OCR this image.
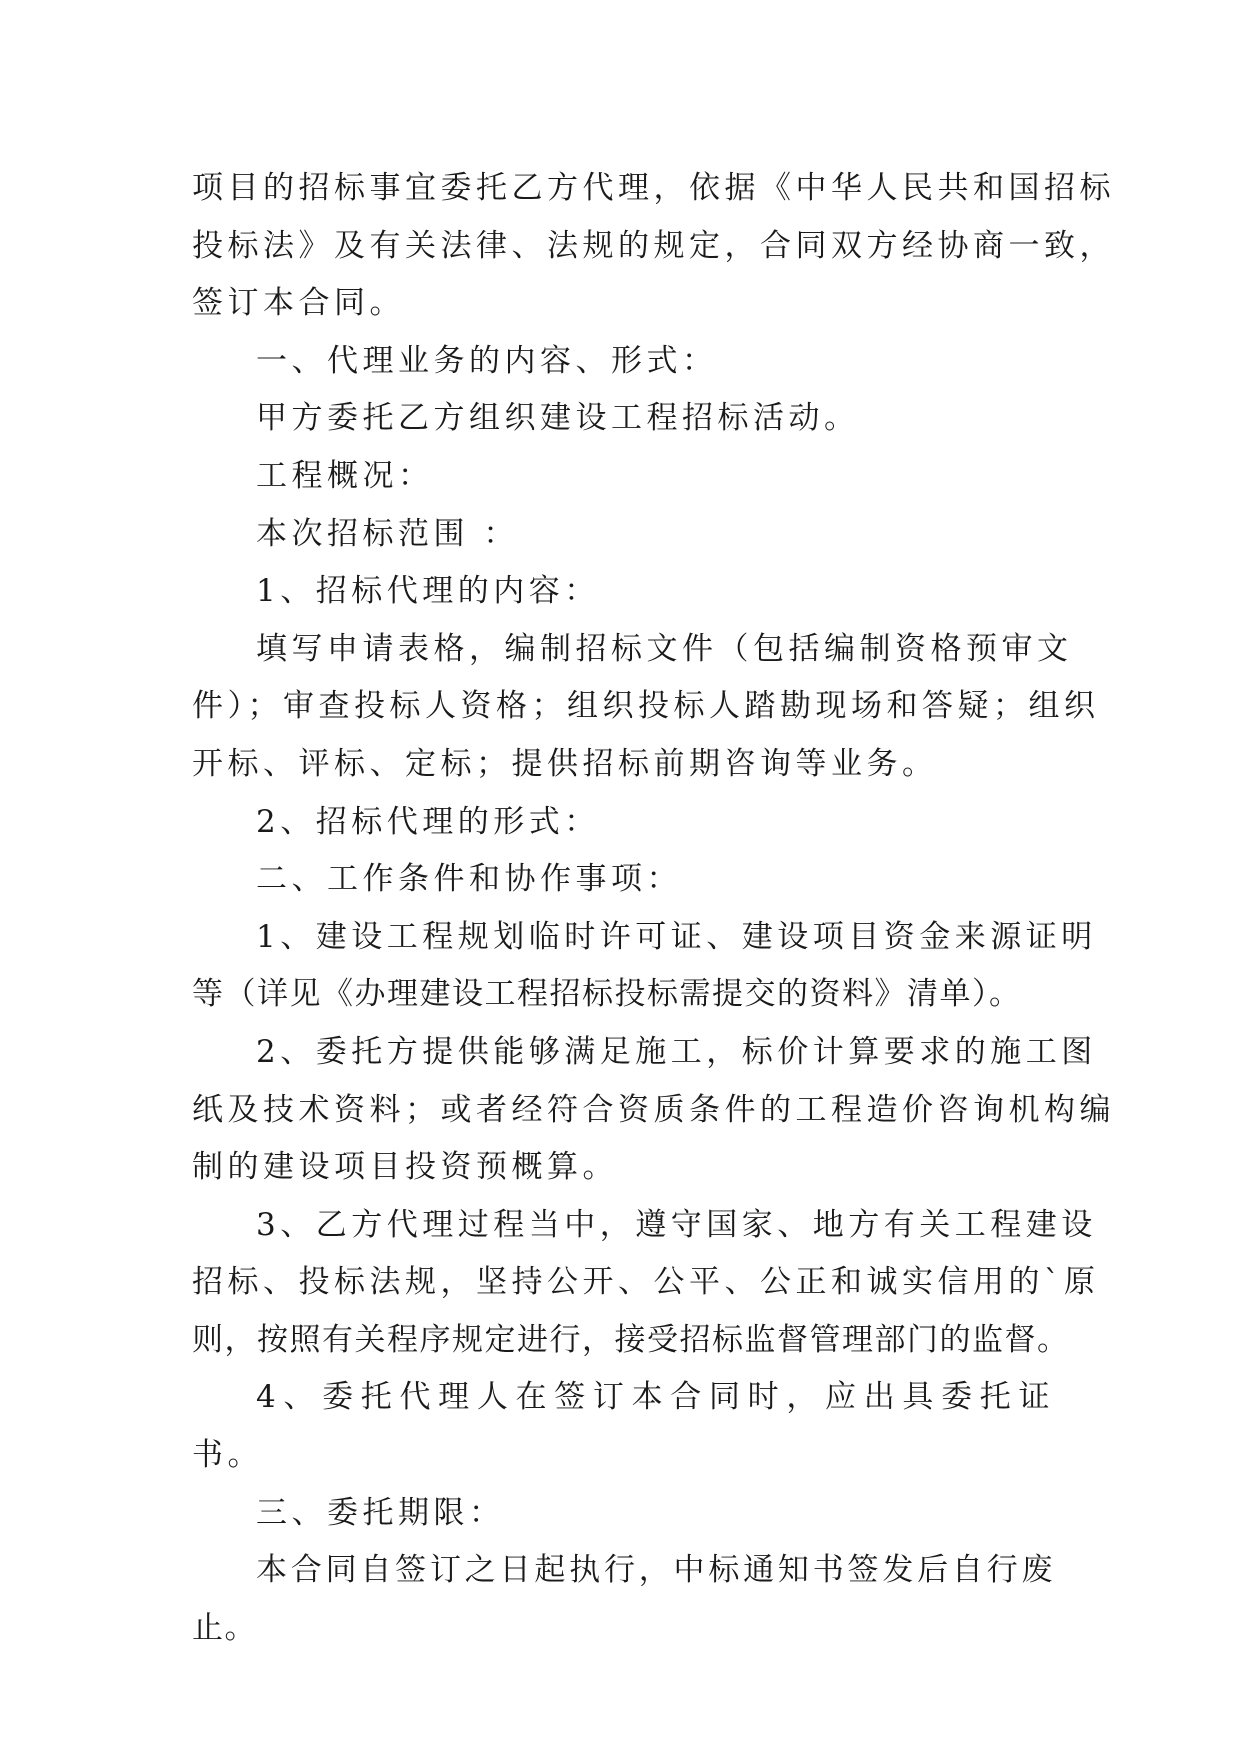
项目的招标事宜委托乙方代理，依据《中华人民共和国招标
投标法》及有关法律、法规的规定，合同双方经协商一致，
签订本合同。
一、代理业务的内容、形式：
甲方委托乙方组织建设工程招标活动。
工程概况：
本次招标范围 ：
1、招标代理的内容：
填写申请表格，编制招标文件（包括编制资格预审文
件）；审查投标人资格；组织投标人踏勘现场和答疑；组织
开标、评标、定标；提供招标前期咨询等业务。
2、招标代理的形式：
二、工作条件和协作事项：
1、建设工程规划临时许可证、建设项目资金来源证明
等（详见《办理建设工程招标投标需提交的资料》清单）。
2、委托方提供能够满足施工，标价计算要求的施工图
纸及技术资料；或者经符合资质条件的工程造价咨询机构编
制的建设项目投资预概算。
3、乙方代理过程当中，遵守国家、地方有关工程建设
招标、投标法规，坚持公开、公平、公正和诚实信用的`原
则，按照有关程序规定进行，接受招标监督管理部门的监督。
4、委托代理人在签订本合同时，应出具委托证书。
三、委托期限：
本合同自签订之日起执行，中标通知书签发后自行废止。
